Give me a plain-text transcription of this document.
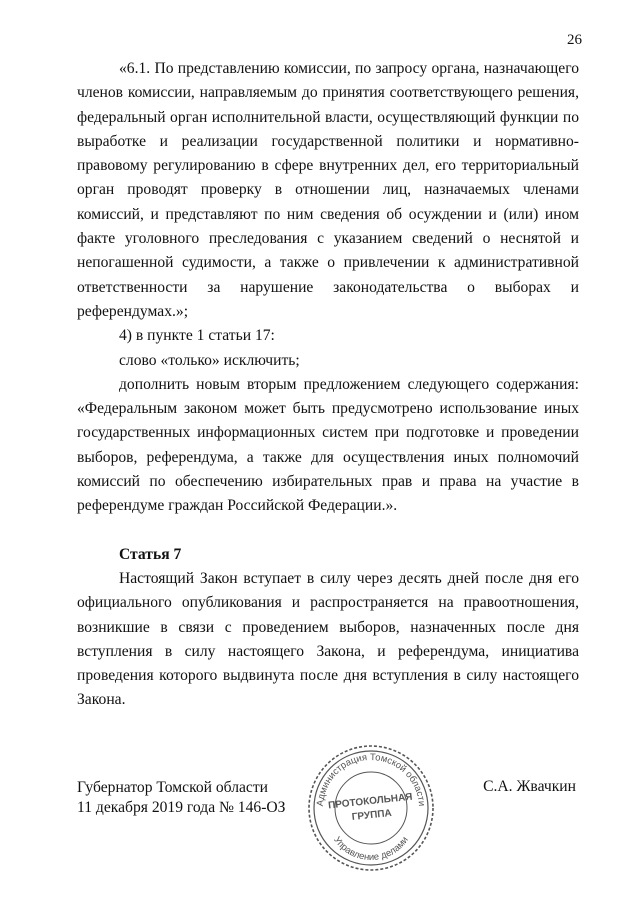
26

«6.1. По представлению комиссии, по запросу органа, назначающего членов комиссии, направляемым до принятия соответствующего решения, федеральный орган исполнительной власти, осуществляющий функции по выработке и реализации государственной политики и нормативно-правовому регулированию в сфере внутренних дел, его территориальный орган проводят проверку в отношении лиц, назначаемых членами комиссий, и представляют по ним сведения об осуждении и (или) ином факте уголовного преследования с указанием сведений о неснятой и непогашенной судимости, а также о привлечении к административной ответственности за нарушение законодательства о выборах и референдумах.»;

4) в пункте 1 статьи 17:

слово «только» исключить;

дополнить новым вторым предложением следующего содержания: «Федеральным законом может быть предусмотрено использование иных государственных информационных систем при подготовке и проведении выборов, референдума, а также для осуществления иных полномочий комиссий по обеспечению избирательных прав и права на участие в референдуме граждан Российской Федерации.».

Статья 7

Настоящий Закон вступает в силу через десять дней после дня его официального опубликования и распространяется на правоотношения, возникшие в связи с проведением выборов, назначенных после дня вступления в силу настоящего Закона, и референдума, инициатива проведения которого выдвинута после дня вступления в силу настоящего Закона.

Губернатор Томской области
11 декабря 2019 года № 146-ОЗ
С.А. Жвачкин
Администрация Томской области
Управление делами
ПРОТОКОЛЬНАЯ
ГРУППА
